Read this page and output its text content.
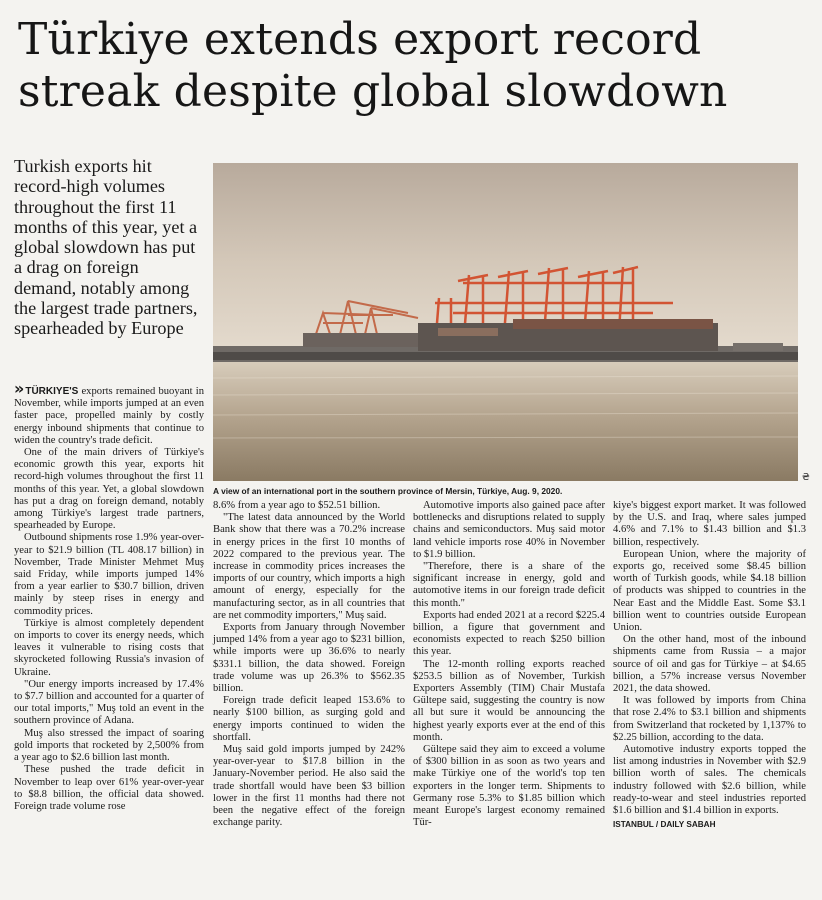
Türkiye extends export record streak despite global slowdown
Turkish exports hit record-high volumes throughout the first 11 months of this year, yet a global slowdown has put a drag on foreign demand, notably among the largest trade partners, spearheaded by Europe
A view of an international port in the southern province of Mersin, Türkiye, Aug. 9, 2020.
₴

» TÜRKIYE'S exports remained buoyant in November, while imports jumped at an even faster pace, propelled mainly by costly energy inbound shipments that continue to widen the country's trade deficit.

One of the main drivers of Türkiye's economic growth this year, exports hit record-high volumes throughout the first 11 months of this year. Yet, a global slowdown has put a drag on foreign demand, notably among Türkiye's largest trade partners, spearheaded by Europe.

Outbound shipments rose 1.9% year-over-year to $21.9 billion (TL 408.17 billion) in November, Trade Minister Mehmet Muş said Friday, while imports jumped 14% from a year earlier to $30.7 billion, driven mainly by steep rises in energy and commodity prices.

Türkiye is almost completely dependent on imports to cover its energy needs, which leaves it vulnerable to rising costs that skyrocketed following Russia's invasion of Ukraine.

"Our energy imports increased by 17.4% to $7.7 billion and accounted for a quarter of our total imports," Muş told an event in the southern province of Adana.

Muş also stressed the impact of soaring gold imports that rocketed by 2,500% from a year ago to $2.6 billion last month.

These pushed the trade deficit in November to leap over 61% year-over-year to $8.8 billion, the official data showed. Foreign trade volume rose

8.6% from a year ago to $52.51 billion.

"The latest data announced by the World Bank show that there was a 70.2% increase in energy prices in the first 10 months of 2022 compared to the previous year. The increase in commodity prices increases the imports of our country, which imports a high amount of energy, especially for the manufacturing sector, as in all countries that are net commodity importers," Muş said.

Exports from January through November jumped 14% from a year ago to $231 billion, while imports were up 36.6% to nearly $331.1 billion, the data showed. Foreign trade volume was up 26.3% to $562.35 billion.

Foreign trade deficit leaped 153.6% to nearly $100 billion, as surging gold and energy imports continued to widen the shortfall.

Muş said gold imports jumped by 242% year-over-year to $17.8 billion in the January-November period. He also said the trade shortfall would have been $3 billion lower in the first 11 months had there not been the negative effect of the foreign exchange parity.

Automotive imports also gained pace after bottlenecks and disruptions related to supply chains and semiconductors. Muş said motor land vehicle imports rose 40% in November to $1.9 billion.

"Therefore, there is a share of the significant increase in energy, gold and automotive items in our foreign trade deficit this month."

Exports had ended 2021 at a record $225.4 billion, a figure that government and economists expected to reach $250 billion this year.

The 12-month rolling exports reached $253.5 billion as of November, Turkish Exporters Assembly (TIM) Chair Mustafa Gültepe said, suggesting the country is now all but sure it would be announcing the highest yearly exports ever at the end of this month.

Gültepe said they aim to exceed a volume of $300 billion in as soon as two years and make Türkiye one of the world's top ten exporters in the longer term. Shipments to Germany rose 5.3% to $1.85 billion which meant Europe's largest economy remained Tür-

kiye's biggest export market. It was followed by the U.S. and Iraq, where sales jumped 4.6% and 7.1% to $1.43 billion and $1.3 billion, respectively.

European Union, where the majority of exports go, received some $8.45 billion worth of Turkish goods, while $4.18 billion of products was shipped to countries in the Near East and the Middle East. Some $3.1 billion went to countries outside European Union.

On the other hand, most of the inbound shipments came from Russia – a major source of oil and gas for Türkiye – at $4.65 billion, a 57% increase versus November 2021, the data showed.

It was followed by imports from China that rose 2.4% to $3.1 billion and shipments from Switzerland that rocketed by 1,137% to $2.25 billion, according to the data.

Automotive industry exports topped the list among industries in November with $2.9 billion worth of sales. The chemicals industry followed with $2.6 billion, while ready-to-wear and steel industries reported $1.6 billion and $1.4 billion in exports.

ISTANBUL / DAILY SABAH
